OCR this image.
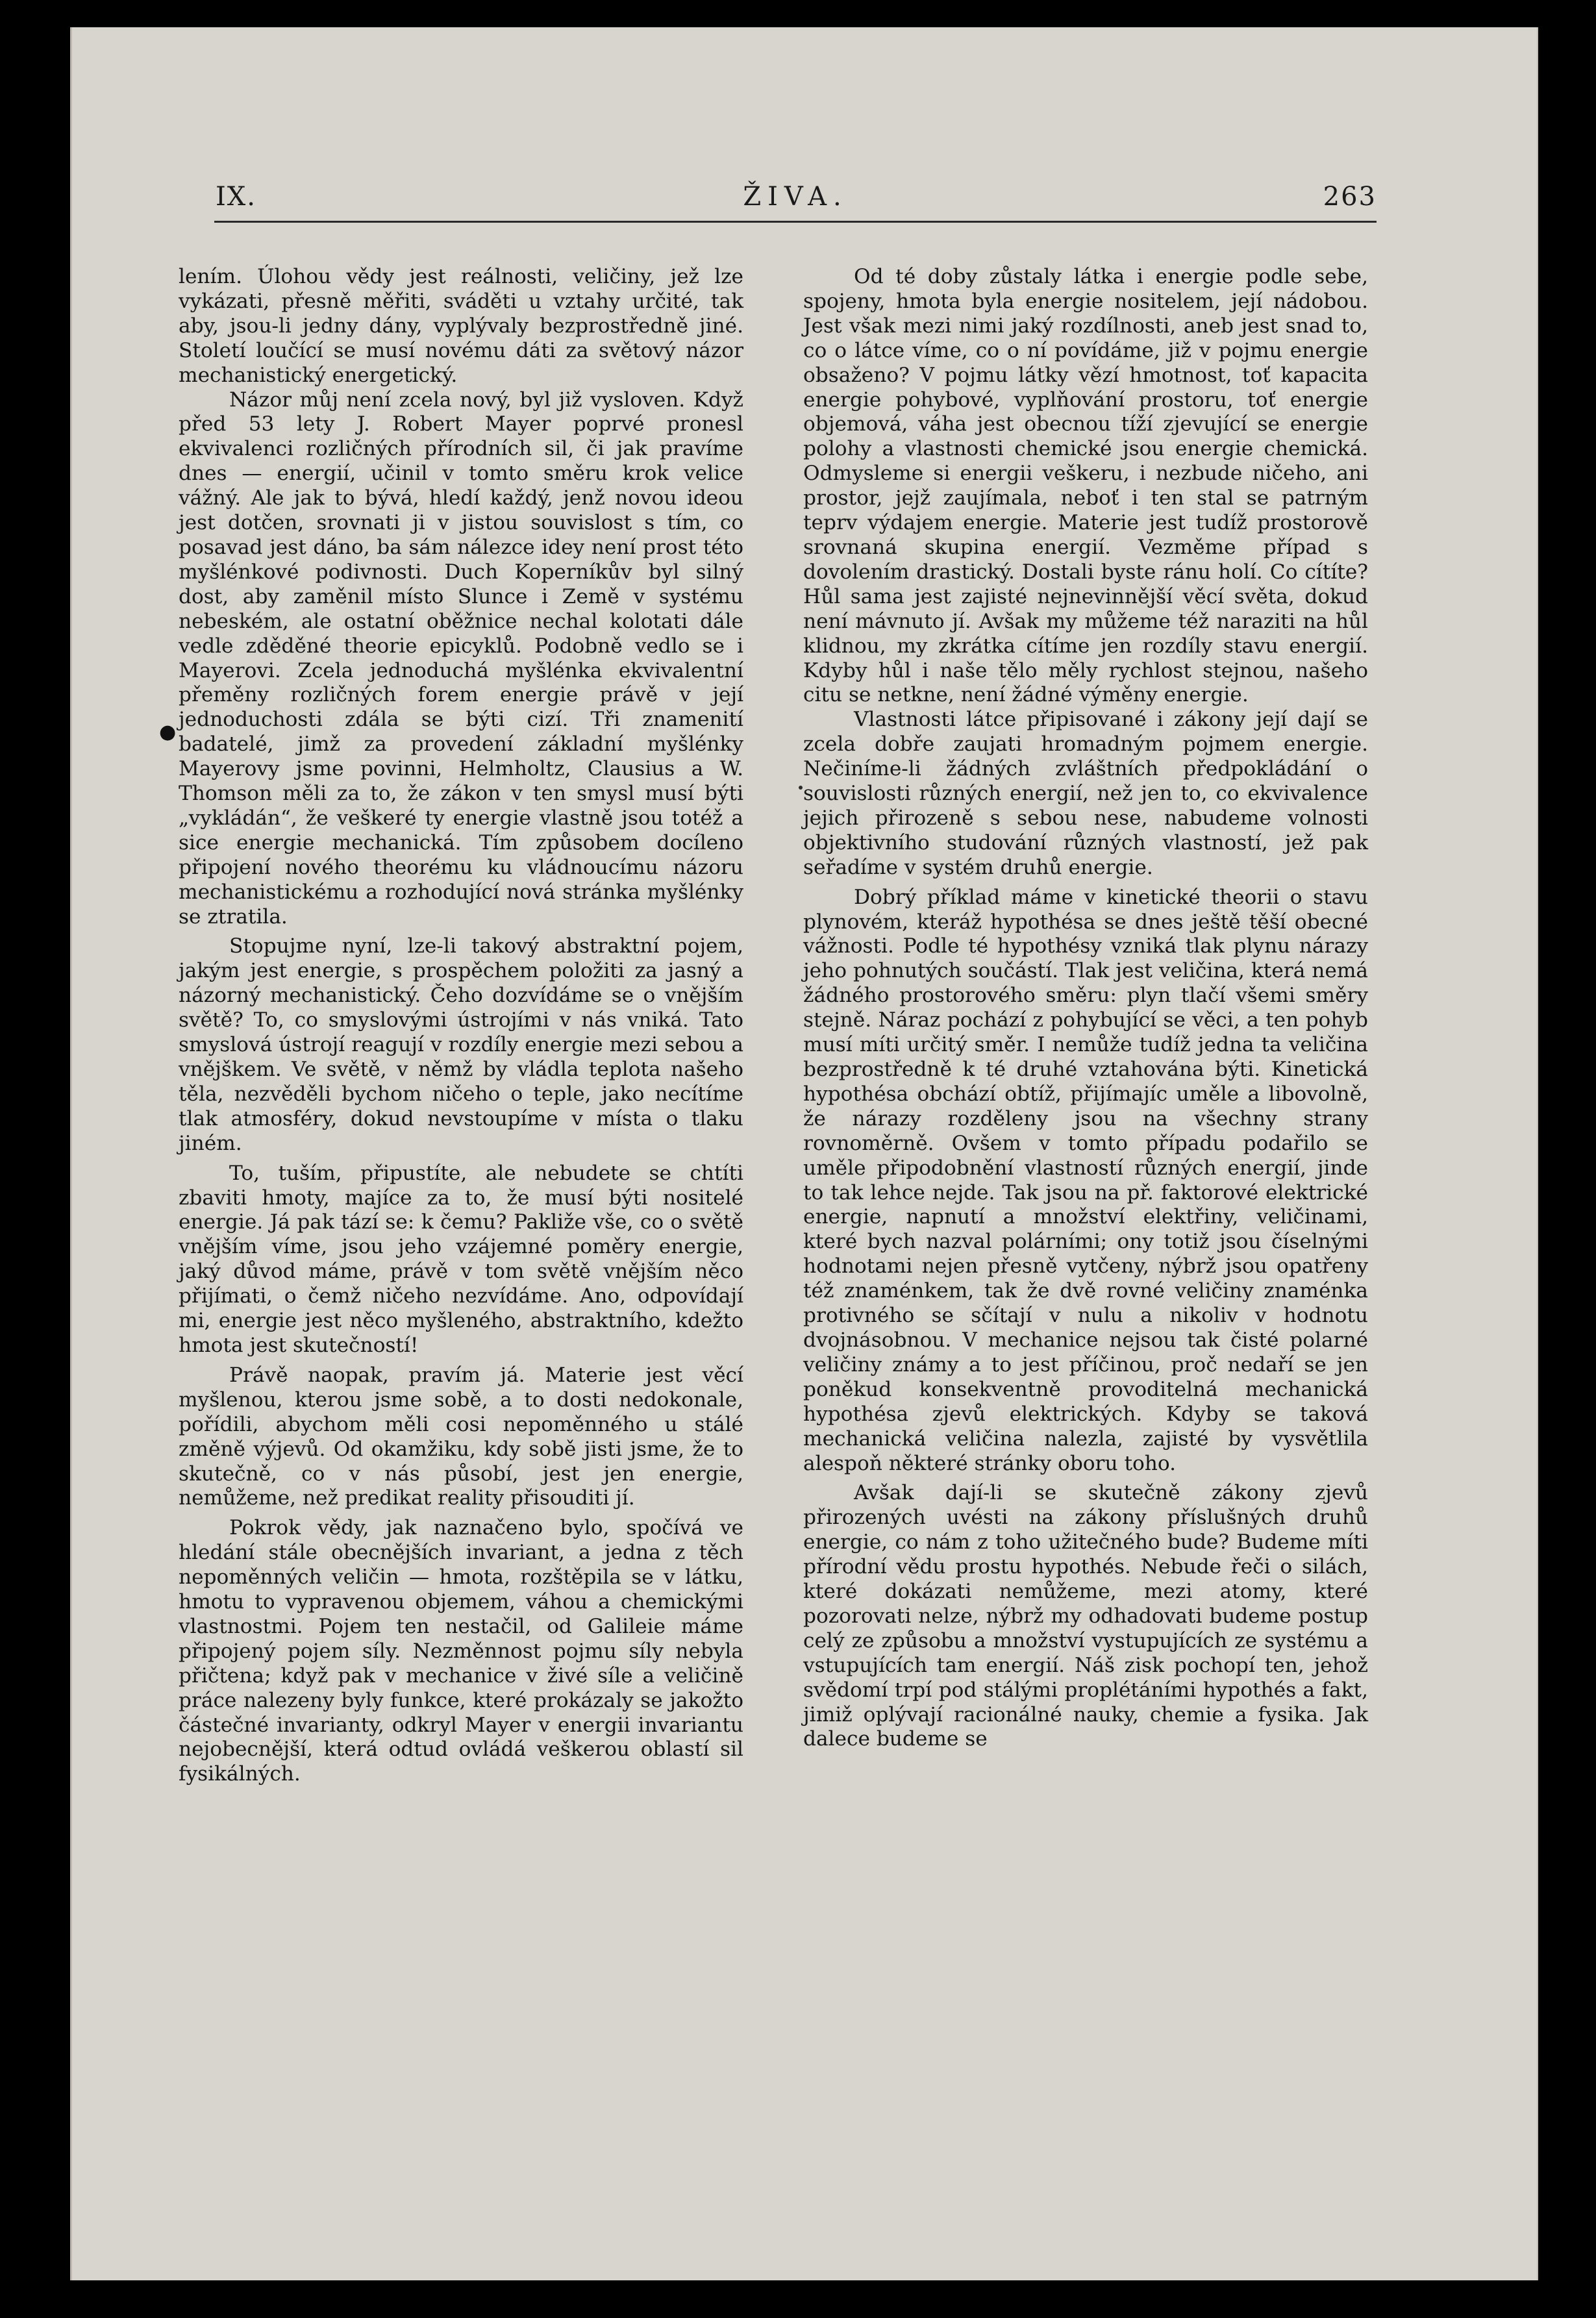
IX.	ŽIVA.	263
●

lením. Úlohou vědy jest reálnosti, veličiny, jež lze vykázati, přesně měřiti, sváděti u vztahy určité, tak aby, jsou-li jedny dány, vyplývaly bezprostředně jiné. Století loučící se musí novému dáti za světový názor mechanistický energetický.

Názor můj není zcela nový, byl již vysloven. Když před 53 lety J. Robert Mayer poprvé pronesl ekvivalenci rozličných přírodních sil, či jak pravíme dnes — energií, učinil v tomto směru krok velice vážný. Ale jak to bývá, hledí každý, jenž novou ideou jest dotčen, srovnati ji v jistou souvislost s tím, co posavad jest dáno, ba sám nálezce idey není prost této myšlénkové podivnosti. Duch Koperníkův byl silný dost, aby zaměnil místo Slunce i Země v systému nebeském, ale ostatní oběžnice nechal kolotati dále vedle zděděné theorie epicyklů. Podobně vedlo se i Mayerovi. Zcela jednoduchá myšlénka ekvivalentní přeměny rozličných forem energie právě v její jednoduchosti zdála se býti cizí. Tři znamenití badatelé, jimž za provedení základní myšlénky Mayerovy jsme povinni, Helmholtz, Clausius a W. Thomson měli za to, že zákon v ten smysl musí býti „vykládán“, že veškeré ty energie vlastně jsou totéž a sice energie mechanická. Tím způsobem docíleno připojení nového theorému ku vládnoucímu názoru mechanistickému a rozhodující nová stránka myšlénky se ztratila.

Stopujme nyní, lze-li takový abstraktní pojem, jakým jest energie, s prospěchem položiti za jasný a názorný mechanistický. Čeho dozvídáme se o vnějším světě? To, co smyslovými ústrojími v nás vniká. Tato smyslová ústrojí reagují v rozdíly energie mezi sebou a vnějškem. Ve světě, v němž by vládla teplota našeho těla, nezvěděli bychom ničeho o teple, jako necítíme tlak atmosféry, dokud nevstoupíme v místa o tlaku jiném.

To, tuším, připustíte, ale nebudete se chtíti zbaviti hmoty, majíce za to, že musí býti nositelé energie. Já pak tází se: k čemu? Pakliže vše, co o světě vnějším víme, jsou jeho vzájemné poměry energie, jaký důvod máme, právě v tom světě vnějším něco přijímati, o čemž ničeho nezvídáme. Ano, odpovídají mi, energie jest něco myšleného, abstraktního, kdežto hmota jest skutečností!

Právě naopak, pravím já. Materie jest věcí myšlenou, kterou jsme sobě, a to dosti nedokonale, pořídili, abychom měli cosi nepoměnného u stálé změně výjevů. Od okamžiku, kdy sobě jisti jsme, že to skutečně, co v nás působí, jest jen energie, nemůžeme, než predikat reality přisouditi jí.

Pokrok vědy, jak naznačeno bylo, spočívá ve hledání stále obecnějších invariant, a jedna z těch nepoměnných veličin — hmota, rozštěpila se v látku, hmotu to vypravenou objemem, váhou a chemickými vlastnostmi. Pojem ten nestačil, od Galileie máme připojený pojem síly. Nezměnnost pojmu síly nebyla přičtena; když pak v mechanice v živé síle a veličině práce nalezeny byly funkce, které prokázaly se jakožto částečné invarianty, odkryl Mayer v energii invariantu nejobecnější, která odtud ovládá veškerou oblastí sil fysikálných.

Od té doby zůstaly látka i energie podle sebe, spojeny, hmota byla energie nositelem, její nádobou. Jest však mezi nimi jaký rozdílnosti, aneb jest snad to, co o látce víme, co o ní povídáme, již v pojmu energie obsaženo? V pojmu látky vězí hmotnost, toť kapacita energie pohybové, vyplňování prostoru, toť energie objemová, váha jest obecnou tíží zjevující se energie polohy a vlastnosti chemické jsou energie chemická. Odmysleme si energii veškeru, i nezbude ničeho, ani prostor, jejž zaujímala, neboť i ten stal se patrným teprv výdajem energie. Materie jest tudíž prostorově srovnaná skupina energií. Vezměme případ s dovolením drastický. Dostali byste ránu holí. Co cítíte? Hůl sama jest zajisté nejnevinnější věcí světa, dokud není mávnuto jí. Avšak my můžeme též naraziti na hůl klidnou, my zkrátka cítíme jen rozdíly stavu energií. Kdyby hůl i naše tělo měly rychlost stejnou, našeho citu se netkne, není žádné výměny energie.

Vlastnosti látce připisované i zákony její dají se zcela dobře zaujati hromadným pojmem energie. Nečiníme-li žádných zvláštních předpokládání o souvislosti různých energií, než jen to, co ekvivalence jejich přirozeně s sebou nese, nabudeme volnosti objektivního studování různých vlastností, jež pak seřadíme v systém druhů energie.

Dobrý příklad máme v kinetické theorii o stavu plynovém, kteráž hypothésa se dnes ještě těší obecné vážnosti. Podle té hypothésy vzniká tlak plynu nárazy jeho pohnutých součástí. Tlak jest veličina, která nemá žádného prostorového směru: plyn tlačí všemi směry stejně. Náraz pochází z pohybující se věci, a ten pohyb musí míti určitý směr. I nemůže tudíž jedna ta veličina bezprostředně k té druhé vztahována býti. Kinetická hypothésa obchází obtíž, přijímajíc uměle a libovolně, že nárazy rozděleny jsou na všechny strany rovnoměrně. Ovšem v tomto případu podařilo se uměle připodobnění vlastností různých energií, jinde to tak lehce nejde. Tak jsou na př. faktorové elektrické energie, napnutí a množství elektřiny, veličinami, které bych nazval polárními; ony totiž jsou číselnými hodnotami nejen přesně vytčeny, nýbrž jsou opatřeny též znaménkem, tak že dvě rovné veličiny znaménka protivného se sčítají v nulu a nikoliv v hodnotu dvojnásobnou. V mechanice nejsou tak čisté polarné veličiny známy a to jest příčinou, proč nedaří se jen poněkud konsekventně provoditelná mechanická hypothésa zjevů elektrických. Kdyby se taková mechanická veličina nalezla, zajisté by vysvětlila alespoň některé stránky oboru toho.

Avšak dají-li se skutečně zákony zjevů přirozených uvésti na zákony příslušných druhů energie, co nám z toho užitečného bude? Budeme míti přírodní vědu prostu hypothés. Nebude řeči o silách, které dokázati nemůžeme, mezi atomy, které pozorovati nelze, nýbrž my odhadovati budeme postup celý ze způsobu a množství vystupujících ze systému a vstupujících tam energií. Náš zisk pochopí ten, jehož svědomí trpí pod stálými proplétáními hypothés a fakt, jimiž oplývají racionálné nauky, chemie a fysika. Jak dalece budeme se
